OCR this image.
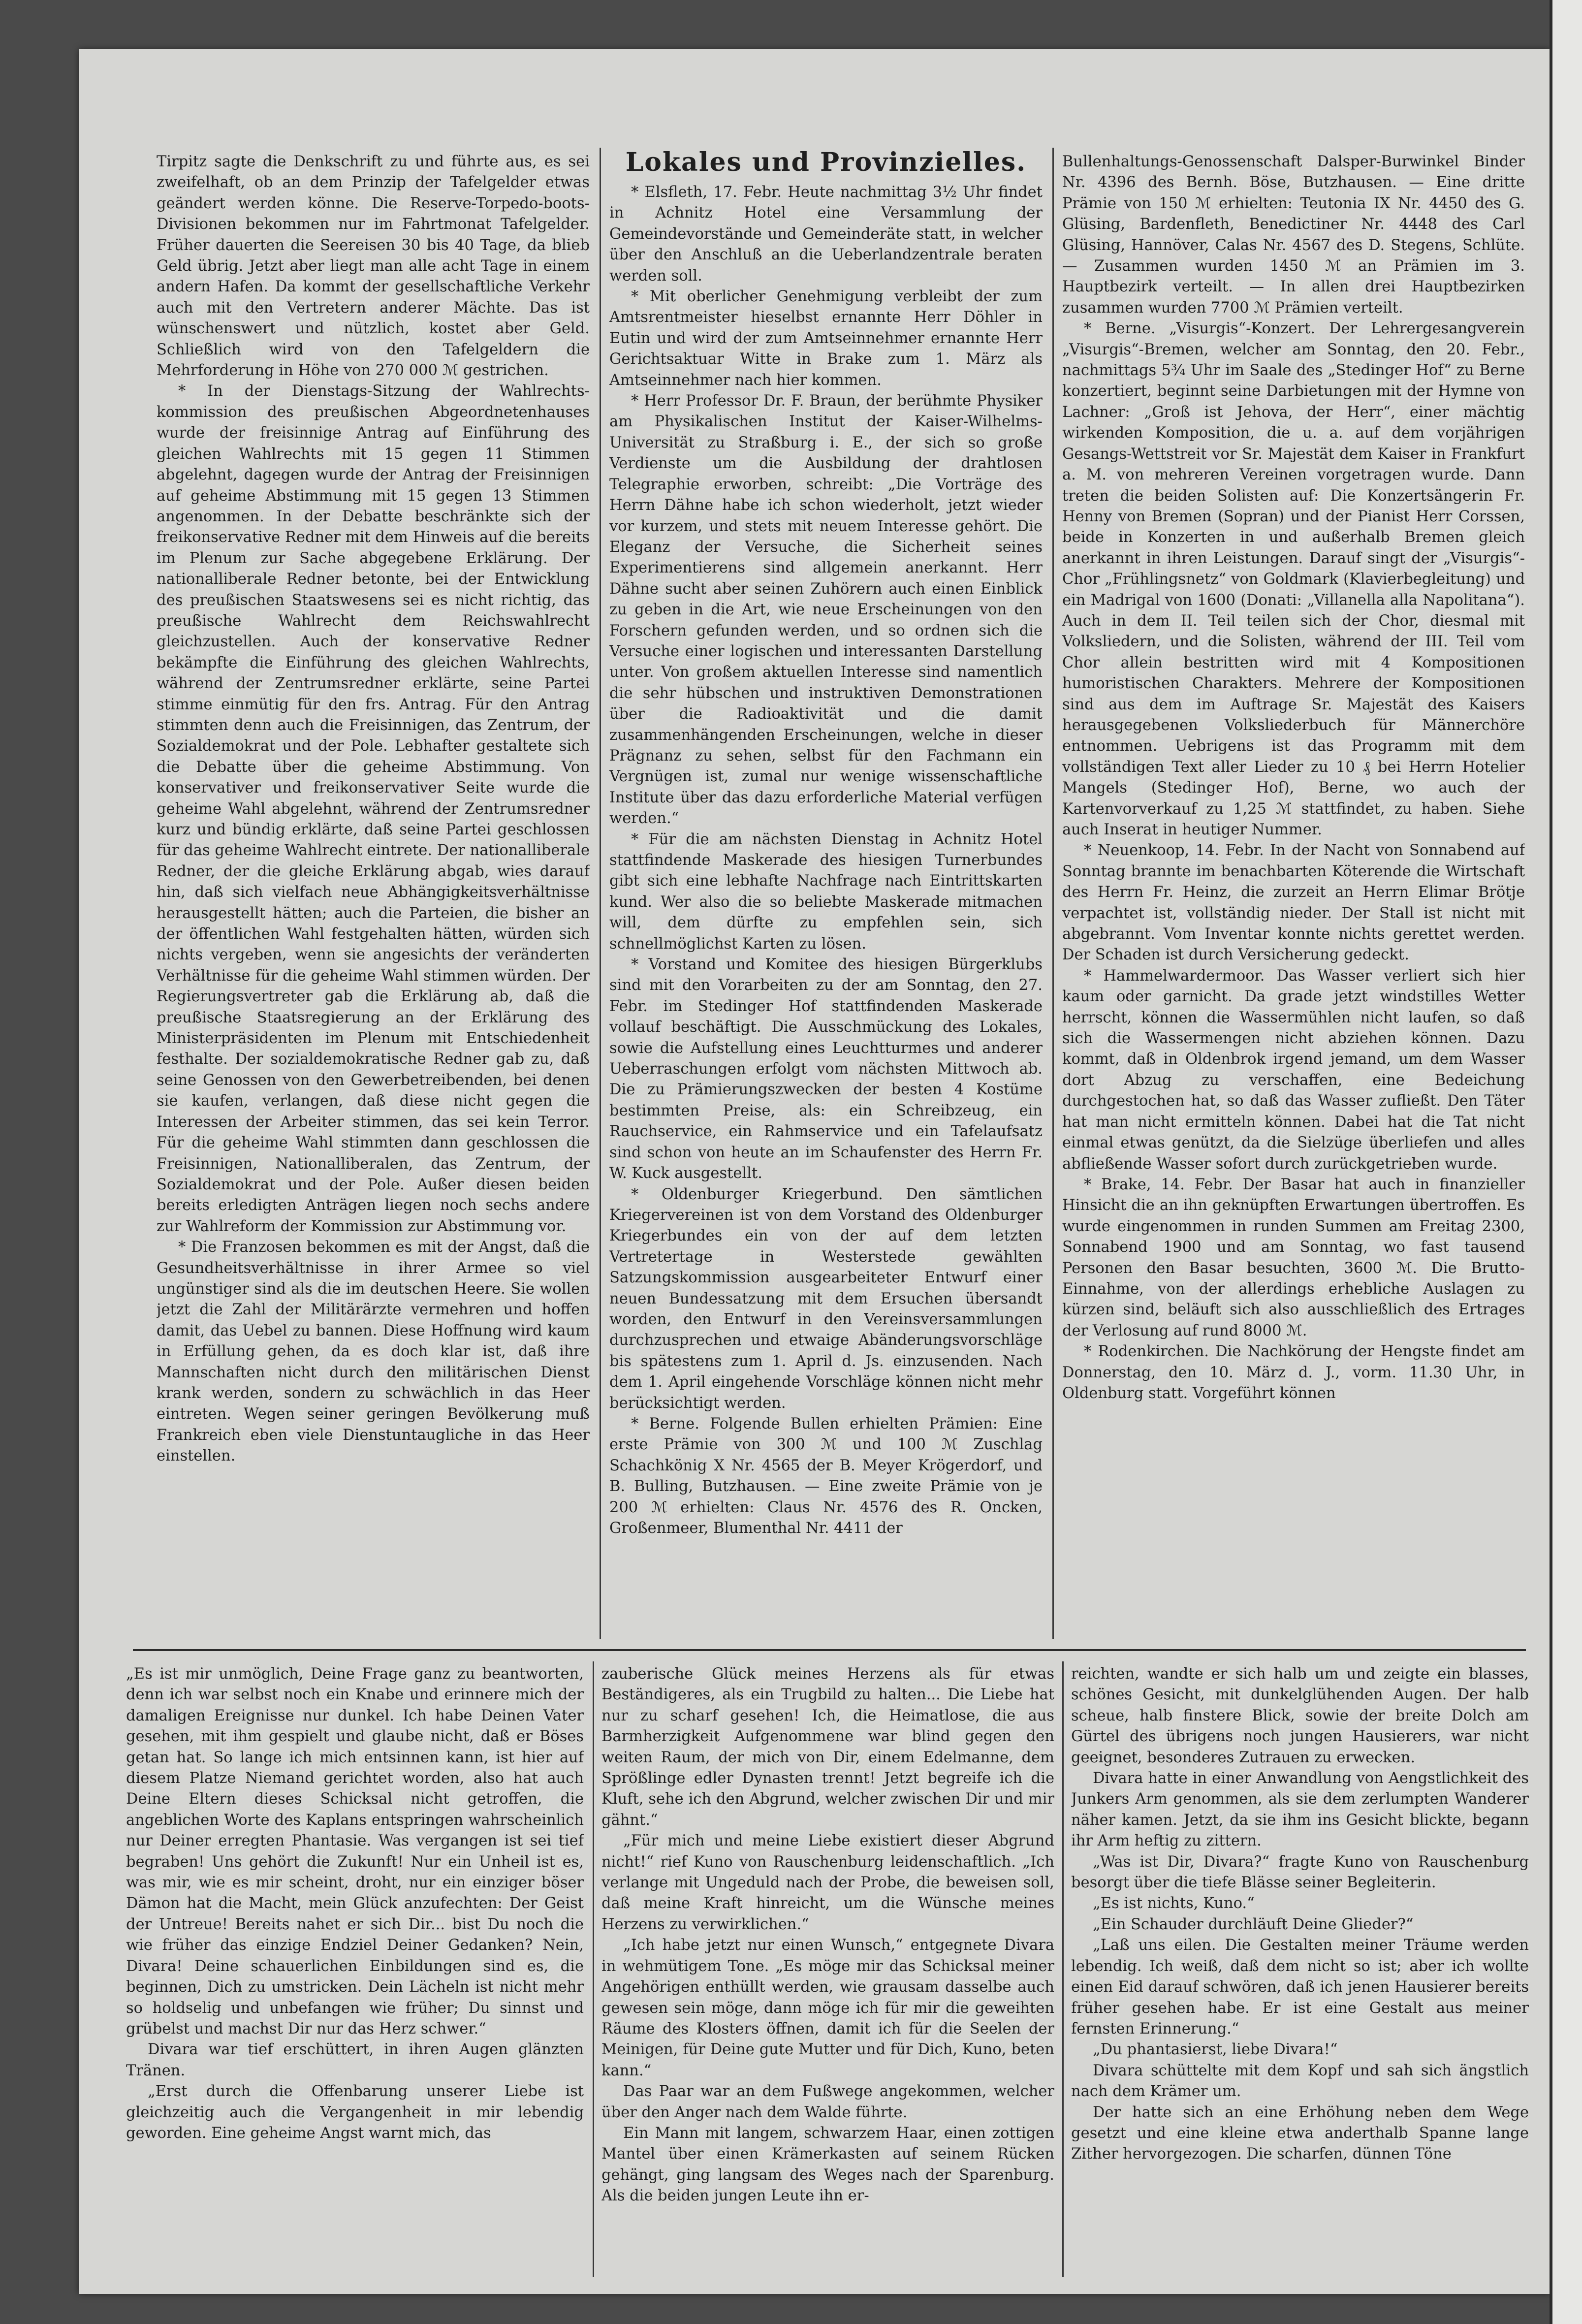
Tirpitz sagte die Denkschrift zu und führte aus, es sei zweifelhaft, ob an dem Prinzip der Tafelgelder etwas geändert werden könne. Die Reserve-Torpedo-boots-Divisionen bekommen nur im Fahrtmonat Tafelgelder. Früher dauerten die Seereisen 30 bis 40 Tage, da blieb Geld übrig. Jetzt aber liegt man alle acht Tage in einem andern Hafen. Da kommt der gesellschaftliche Verkehr auch mit den Vertretern anderer Mächte. Das ist wünschenswert und nützlich, kostet aber Geld. Schließlich wird von den Tafelgeldern die Mehrforderung in Höhe von 270 000 ℳ gestrichen.

* In der Dienstags-Sitzung der Wahlrechts-kommission des preußischen Abgeordnetenhauses wurde der freisinnige Antrag auf Einführung des gleichen Wahlrechts mit 15 gegen 11 Stimmen abgelehnt, dagegen wurde der Antrag der Freisinnigen auf geheime Abstimmung mit 15 gegen 13 Stimmen angenommen. In der Debatte beschränkte sich der freikonservative Redner mit dem Hinweis auf die bereits im Plenum zur Sache abgegebene Erklärung. Der nationalliberale Redner betonte, bei der Entwicklung des preußischen Staatswesens sei es nicht richtig, das preußische Wahlrecht dem Reichswahlrecht gleichzustellen. Auch der konservative Redner bekämpfte die Einführung des gleichen Wahlrechts, während der Zentrumsredner erklärte, seine Partei stimme einmütig für den frs. Antrag. Für den Antrag stimmten denn auch die Freisinnigen, das Zentrum, der Sozialdemokrat und der Pole. Lebhafter gestaltete sich die Debatte über die geheime Abstimmung. Von konservativer und freikonservativer Seite wurde die geheime Wahl abgelehnt, während der Zentrumsredner kurz und bündig erklärte, daß seine Partei geschlossen für das geheime Wahlrecht eintrete. Der nationalliberale Redner, der die gleiche Erklärung abgab, wies darauf hin, daß sich vielfach neue Abhängigkeitsverhältnisse herausgestellt hätten; auch die Parteien, die bisher an der öffentlichen Wahl festgehalten hätten, würden sich nichts vergeben, wenn sie angesichts der veränderten Verhältnisse für die geheime Wahl stimmen würden. Der Regierungsvertreter gab die Erklärung ab, daß die preußische Staatsregierung an der Erklärung des Ministerpräsidenten im Plenum mit Entschiedenheit festhalte. Der sozialdemokratische Redner gab zu, daß seine Genossen von den Gewerbetreibenden, bei denen sie kaufen, verlangen, daß diese nicht gegen die Interessen der Arbeiter stimmen, das sei kein Terror. Für die geheime Wahl stimmten dann geschlossen die Freisinnigen, Nationalliberalen, das Zentrum, der Sozialdemokrat und der Pole. Außer diesen beiden bereits erledigten Anträgen liegen noch sechs andere zur Wahlreform der Kommission zur Abstimmung vor.

* Die Franzosen bekommen es mit der Angst, daß die Gesundheitsverhältnisse in ihrer Armee so viel ungünstiger sind als die im deutschen Heere. Sie wollen jetzt die Zahl der Militärärzte vermehren und hoffen damit, das Uebel zu bannen. Diese Hoffnung wird kaum in Erfüllung gehen, da es doch klar ist, daß ihre Mannschaften nicht durch den militärischen Dienst krank werden, sondern zu schwächlich in das Heer eintreten. Wegen seiner geringen Bevölkerung muß Frankreich eben viele Dienstuntaugliche in das Heer einstellen.

Lokales und Provinzielles.

* Elsfleth, 17. Febr. Heute nachmittag 3½ Uhr findet in Achnitz Hotel eine Versammlung der Gemeindevorstände und Gemeinderäte statt, in welcher über den Anschluß an die Ueberlandzentrale beraten werden soll.

* Mit oberlicher Genehmigung verbleibt der zum Amtsrentmeister hieselbst ernannte Herr Döhler in Eutin und wird der zum Amtseinnehmer ernannte Herr Gerichtsaktuar Witte in Brake zum 1. März als Amtseinnehmer nach hier kommen.

* Herr Professor Dr. F. Braun, der berühmte Physiker am Physikalischen Institut der Kaiser-Wilhelms-Universität zu Straßburg i. E., der sich so große Verdienste um die Ausbildung der drahtlosen Telegraphie erworben, schreibt: „Die Vorträge des Herrn Dähne habe ich schon wiederholt, jetzt wieder vor kurzem, und stets mit neuem Interesse gehört. Die Eleganz der Versuche, die Sicherheit seines Experimentierens sind allgemein anerkannt. Herr Dähne sucht aber seinen Zuhörern auch einen Einblick zu geben in die Art, wie neue Erscheinungen von den Forschern gefunden werden, und so ordnen sich die Versuche einer logischen und interessanten Darstellung unter. Von großem aktuellen Interesse sind namentlich die sehr hübschen und instruktiven Demonstrationen über die Radioaktivität und die damit zusammenhängenden Erscheinungen, welche in dieser Prägnanz zu sehen, selbst für den Fachmann ein Vergnügen ist, zumal nur wenige wissenschaftliche Institute über das dazu erforderliche Material verfügen werden.“

* Für die am nächsten Dienstag in Achnitz Hotel stattfindende Maskerade des hiesigen Turnerbundes gibt sich eine lebhafte Nachfrage nach Eintrittskarten kund. Wer also die so beliebte Maskerade mitmachen will, dem dürfte zu empfehlen sein, sich schnellmöglichst Karten zu lösen.

* Vorstand und Komitee des hiesigen Bürgerklubs sind mit den Vorarbeiten zu der am Sonntag, den 27. Febr. im Stedinger Hof stattfindenden Maskerade vollauf beschäftigt. Die Ausschmückung des Lokales, sowie die Aufstellung eines Leuchtturmes und anderer Ueberraschungen erfolgt vom nächsten Mittwoch ab. Die zu Prämierungszwecken der besten 4 Kostüme bestimmten Preise, als: ein Schreibzeug, ein Rauchservice, ein Rahmservice und ein Tafelaufsatz sind schon von heute an im Schaufenster des Herrn Fr. W. Kuck ausgestellt.

* Oldenburger Kriegerbund. Den sämtlichen Kriegervereinen ist von dem Vorstand des Oldenburger Kriegerbundes ein von der auf dem letzten Vertretertage in Westerstede gewählten Satzungskommission ausgearbeiteter Entwurf einer neuen Bundessatzung mit dem Ersuchen übersandt worden, den Entwurf in den Vereinsversammlungen durchzusprechen und etwaige Abänderungsvorschläge bis spätestens zum 1. April d. Js. einzusenden. Nach dem 1. April eingehende Vorschläge können nicht mehr berücksichtigt werden.

* Berne. Folgende Bullen erhielten Prämien: Eine erste Prämie von 300 ℳ und 100 ℳ Zuschlag Schachkönig X Nr. 4565 der B. Meyer Krögerdorf, und B. Bulling, Butzhausen. — Eine zweite Prämie von je 200 ℳ erhielten: Claus Nr. 4576 des R. Oncken, Großenmeer, Blumenthal Nr. 4411 der

Bullenhaltungs-Genossenschaft Dalsper-Burwinkel Binder Nr. 4396 des Bernh. Böse, Butzhausen. — Eine dritte Prämie von 150 ℳ erhielten: Teutonia IX Nr. 4450 des G. Glüsing, Bardenfleth, Benedictiner Nr. 4448 des Carl Glüsing, Hannöver, Calas Nr. 4567 des D. Stegens, Schlüte. — Zusammen wurden 1450 ℳ an Prämien im 3. Hauptbezirk verteilt. — In allen drei Hauptbezirken zusammen wurden 7700 ℳ Prämien verteilt.

* Berne. „Visurgis“-Konzert. Der Lehrergesangverein „Visurgis“-Bremen, welcher am Sonntag, den 20. Febr., nachmittags 5¾ Uhr im Saale des „Stedinger Hof“ zu Berne konzertiert, beginnt seine Darbietungen mit der Hymne von Lachner: „Groß ist Jehova, der Herr“, einer mächtig wirkenden Komposition, die u. a. auf dem vorjährigen Gesangs-Wettstreit vor Sr. Majestät dem Kaiser in Frankfurt a. M. von mehreren Vereinen vorgetragen wurde. Dann treten die beiden Solisten auf: Die Konzertsängerin Fr. Henny von Bremen (Sopran) und der Pianist Herr Corssen, beide in Konzerten in und außerhalb Bremen gleich anerkannt in ihren Leistungen. Darauf singt der „Visurgis“-Chor „Frühlingsnetz“ von Goldmark (Klavierbegleitung) und ein Madrigal von 1600 (Donati: „Villanella alla Napolitana“). Auch in dem II. Teil teilen sich der Chor, diesmal mit Volksliedern, und die Solisten, während der III. Teil vom Chor allein bestritten wird mit 4 Kompositionen humoristischen Charakters. Mehrere der Kompositionen sind aus dem im Auftrage Sr. Majestät des Kaisers herausgegebenen Volksliederbuch für Männerchöre entnommen. Uebrigens ist das Programm mit dem vollständigen Text aller Lieder zu 10 ₰ bei Herrn Hotelier Mangels (Stedinger Hof), Berne, wo auch der Kartenvorverkauf zu 1,25 ℳ stattfindet, zu haben. Siehe auch Inserat in heutiger Nummer.

* Neuenkoop, 14. Febr. In der Nacht von Sonnabend auf Sonntag brannte im benachbarten Köterende die Wirtschaft des Herrn Fr. Heinz, die zurzeit an Herrn Elimar Brötje verpachtet ist, vollständig nieder. Der Stall ist nicht mit abgebrannt. Vom Inventar konnte nichts gerettet werden. Der Schaden ist durch Versicherung gedeckt.

* Hammelwardermoor. Das Wasser verliert sich hier kaum oder garnicht. Da grade jetzt windstilles Wetter herrscht, können die Wassermühlen nicht laufen, so daß sich die Wassermengen nicht abziehen können. Dazu kommt, daß in Oldenbrok irgend jemand, um dem Wasser dort Abzug zu verschaffen, eine Bedeichung durchgestochen hat, so daß das Wasser zufließt. Den Täter hat man nicht ermitteln können. Dabei hat die Tat nicht einmal etwas genützt, da die Sielzüge überliefen und alles abfließende Wasser sofort durch zurückgetrieben wurde.

* Brake, 14. Febr. Der Basar hat auch in finanzieller Hinsicht die an ihn geknüpften Erwartungen übertroffen. Es wurde eingenommen in runden Summen am Freitag 2300, Sonnabend 1900 und am Sonntag, wo fast tausend Personen den Basar besuchten, 3600 ℳ. Die Brutto-Einnahme, von der allerdings erhebliche Auslagen zu kürzen sind, beläuft sich also ausschließlich des Ertrages der Verlosung auf rund 8000 ℳ.

* Rodenkirchen. Die Nachkörung der Hengste findet am Donnerstag, den 10. März d. J., vorm. 11.30 Uhr, in Oldenburg statt. Vorgeführt können

„Es ist mir unmöglich, Deine Frage ganz zu beantworten, denn ich war selbst noch ein Knabe und erinnere mich der damaligen Ereignisse nur dunkel. Ich habe Deinen Vater gesehen, mit ihm gespielt und glaube nicht, daß er Böses getan hat. So lange ich mich entsinnen kann, ist hier auf diesem Platze Niemand gerichtet worden, also hat auch Deine Eltern dieses Schicksal nicht getroffen, die angeblichen Worte des Kaplans entspringen wahrscheinlich nur Deiner erregten Phantasie. Was vergangen ist sei tief begraben! Uns gehört die Zukunft! Nur ein Unheil ist es, was mir, wie es mir scheint, droht, nur ein einziger böser Dämon hat die Macht, mein Glück anzufechten: Der Geist der Untreue! Bereits nahet er sich Dir... bist Du noch die wie früher das einzige Endziel Deiner Gedanken? Nein, Divara! Deine schauerlichen Einbildungen sind es, die beginnen, Dich zu umstricken. Dein Lächeln ist nicht mehr so holdselig und unbefangen wie früher; Du sinnst und grübelst und machst Dir nur das Herz schwer.“

Divara war tief erschüttert, in ihren Augen glänzten Tränen.

„Erst durch die Offenbarung unserer Liebe ist gleichzeitig auch die Vergangenheit in mir lebendig geworden. Eine geheime Angst warnt mich, das

zauberische Glück meines Herzens als für etwas Beständigeres, als ein Trugbild zu halten... Die Liebe hat nur zu scharf gesehen! Ich, die Heimatlose, die aus Barmherzigkeit Aufgenommene war blind gegen den weiten Raum, der mich von Dir, einem Edelmanne, dem Sprößlinge edler Dynasten trennt! Jetzt begreife ich die Kluft, sehe ich den Abgrund, welcher zwischen Dir und mir gähnt.“

„Für mich und meine Liebe existiert dieser Abgrund nicht!“ rief Kuno von Rauschenburg leidenschaftlich. „Ich verlange mit Ungeduld nach der Probe, die beweisen soll, daß meine Kraft hinreicht, um die Wünsche meines Herzens zu verwirklichen.“

„Ich habe jetzt nur einen Wunsch,“ entgegnete Divara in wehmütigem Tone. „Es möge mir das Schicksal meiner Angehörigen enthüllt werden, wie grausam dasselbe auch gewesen sein möge, dann möge ich für mir die geweihten Räume des Klosters öffnen, damit ich für die Seelen der Meinigen, für Deine gute Mutter und für Dich, Kuno, beten kann.“

Das Paar war an dem Fußwege angekommen, welcher über den Anger nach dem Walde führte.

Ein Mann mit langem, schwarzem Haar, einen zottigen Mantel über einen Krämerkasten auf seinem Rücken gehängt, ging langsam des Weges nach der Sparenburg. Als die beiden jungen Leute ihn er-

reichten, wandte er sich halb um und zeigte ein blasses, schönes Gesicht, mit dunkelglühenden Augen. Der halb scheue, halb finstere Blick, sowie der breite Dolch am Gürtel des übrigens noch jungen Hausierers, war nicht geeignet, besonderes Zutrauen zu erwecken.

Divara hatte in einer Anwandlung von Aengstlichkeit des Junkers Arm genommen, als sie dem zerlumpten Wanderer näher kamen. Jetzt, da sie ihm ins Gesicht blickte, begann ihr Arm heftig zu zittern.

„Was ist Dir, Divara?“ fragte Kuno von Rauschenburg besorgt über die tiefe Blässe seiner Begleiterin.

„Es ist nichts, Kuno.“

„Ein Schauder durchläuft Deine Glieder?“

„Laß uns eilen. Die Gestalten meiner Träume werden lebendig. Ich weiß, daß dem nicht so ist; aber ich wollte einen Eid darauf schwören, daß ich jenen Hausierer bereits früher gesehen habe. Er ist eine Gestalt aus meiner fernsten Erinnerung.“

„Du phantasierst, liebe Divara!“

Divara schüttelte mit dem Kopf und sah sich ängstlich nach dem Krämer um.

Der hatte sich an eine Erhöhung neben dem Wege gesetzt und eine kleine etwa anderthalb Spanne lange Zither hervorgezogen. Die scharfen, dünnen Töne
